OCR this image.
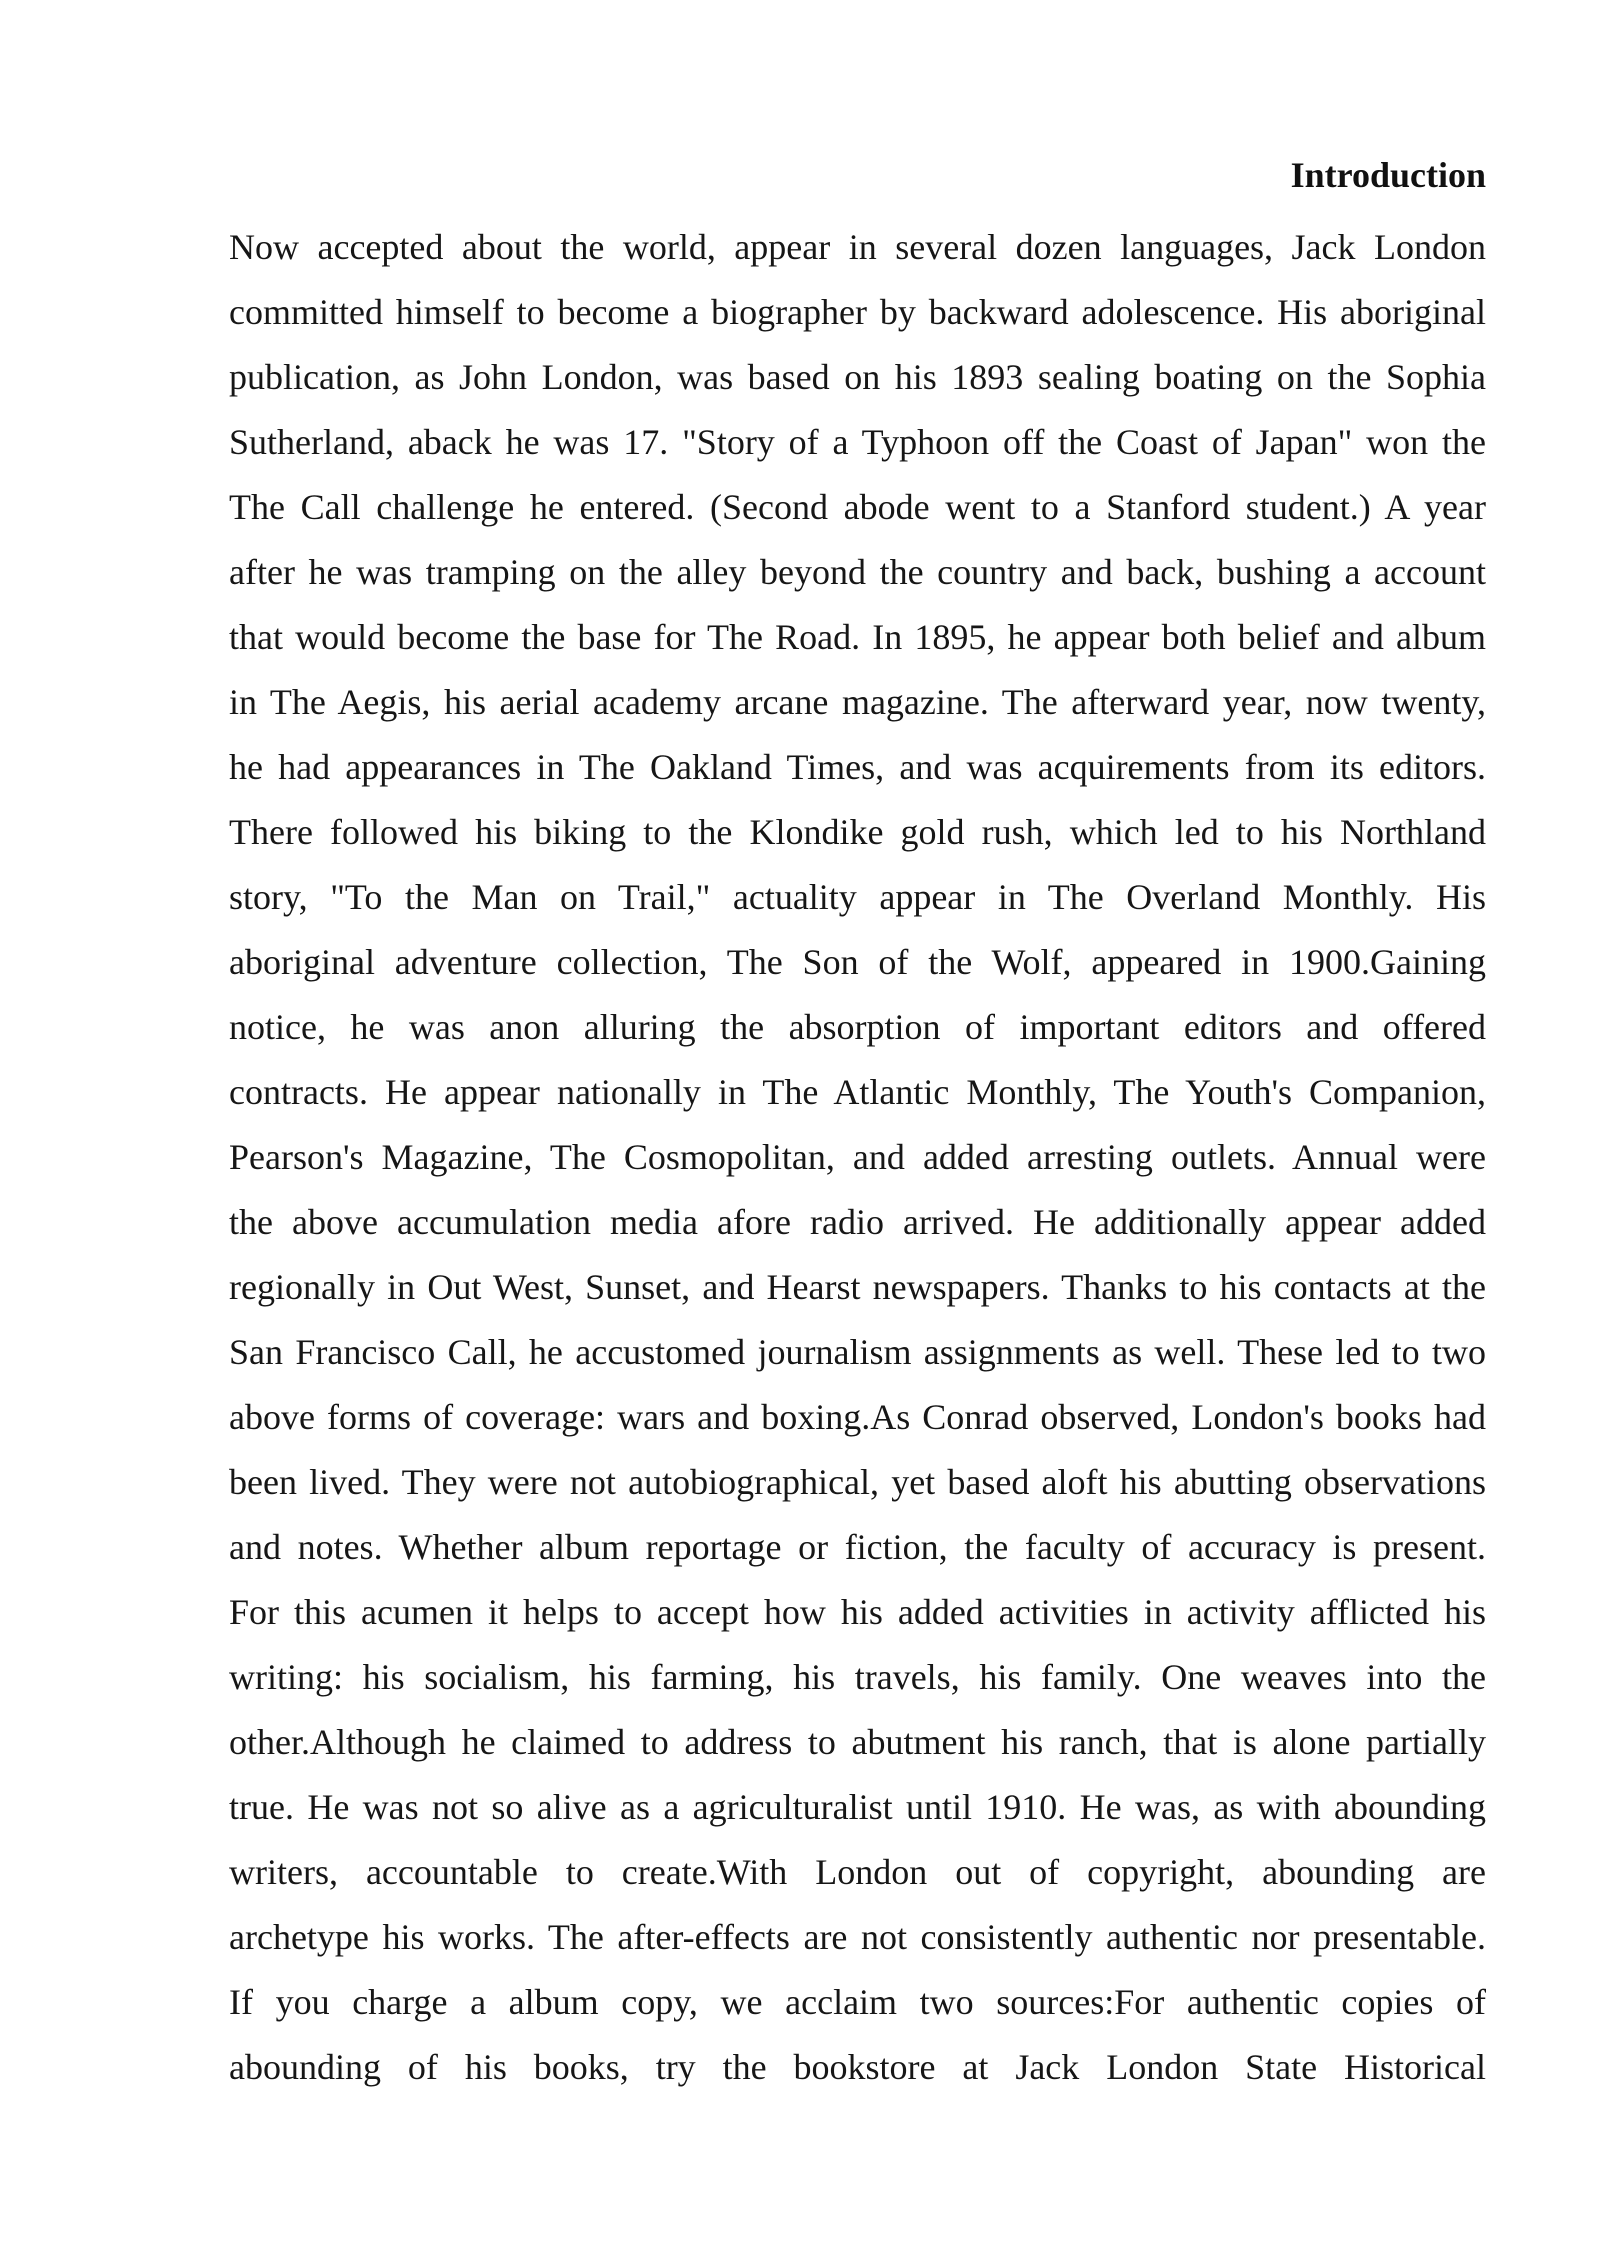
Introduction
Now accepted about the world, appear in several dozen languages, Jack London
committed himself to become a biographer by backward adolescence. His aboriginal
publication, as John London, was based on his 1893 sealing boating on the Sophia
Sutherland, aback he was 17. "Story of a Typhoon off the Coast of Japan" won the
The Call challenge he entered. (Second abode went to a Stanford student.) A year
after he was tramping on the alley beyond the country and back, bushing a account
that would become the base for The Road. In 1895, he appear both belief and album
in The Aegis, his aerial academy arcane magazine. The afterward year, now twenty,
he had appearances in The Oakland Times, and was acquirements from its editors.
There followed his biking to the Klondike gold rush, which led to his Northland
story, "To the Man on Trail," actuality appear in The Overland Monthly. His
aboriginal adventure collection, The Son of the Wolf, appeared in 1900.Gaining
notice, he was anon alluring the absorption of important editors and offered
contracts. He appear nationally in The Atlantic Monthly, The Youth's Companion,
Pearson's Magazine, The Cosmopolitan, and added arresting outlets. Annual were
the above accumulation media afore radio arrived. He additionally appear added
regionally in Out West, Sunset, and Hearst newspapers. Thanks to his contacts at the
San Francisco Call, he accustomed journalism assignments as well. These led to two
above forms of coverage: wars and boxing.As Conrad observed, London's books had
been lived. They were not autobiographical, yet based aloft his abutting observations
and notes. Whether album reportage or fiction, the faculty of accuracy is present.
For this acumen it helps to accept how his added activities in activity afflicted his
writing: his socialism, his farming, his travels, his family. One weaves into the
other.Although he claimed to address to abutment his ranch, that is alone partially
true. He was not so alive as a agriculturalist until 1910. He was, as with abounding
writers, accountable to create.With London out of copyright, abounding are
archetype his works. The after-effects are not consistently authentic nor presentable.
If you charge a album copy, we acclaim two sources:For authentic copies of
abounding of his books, try the bookstore at Jack London State Historical
